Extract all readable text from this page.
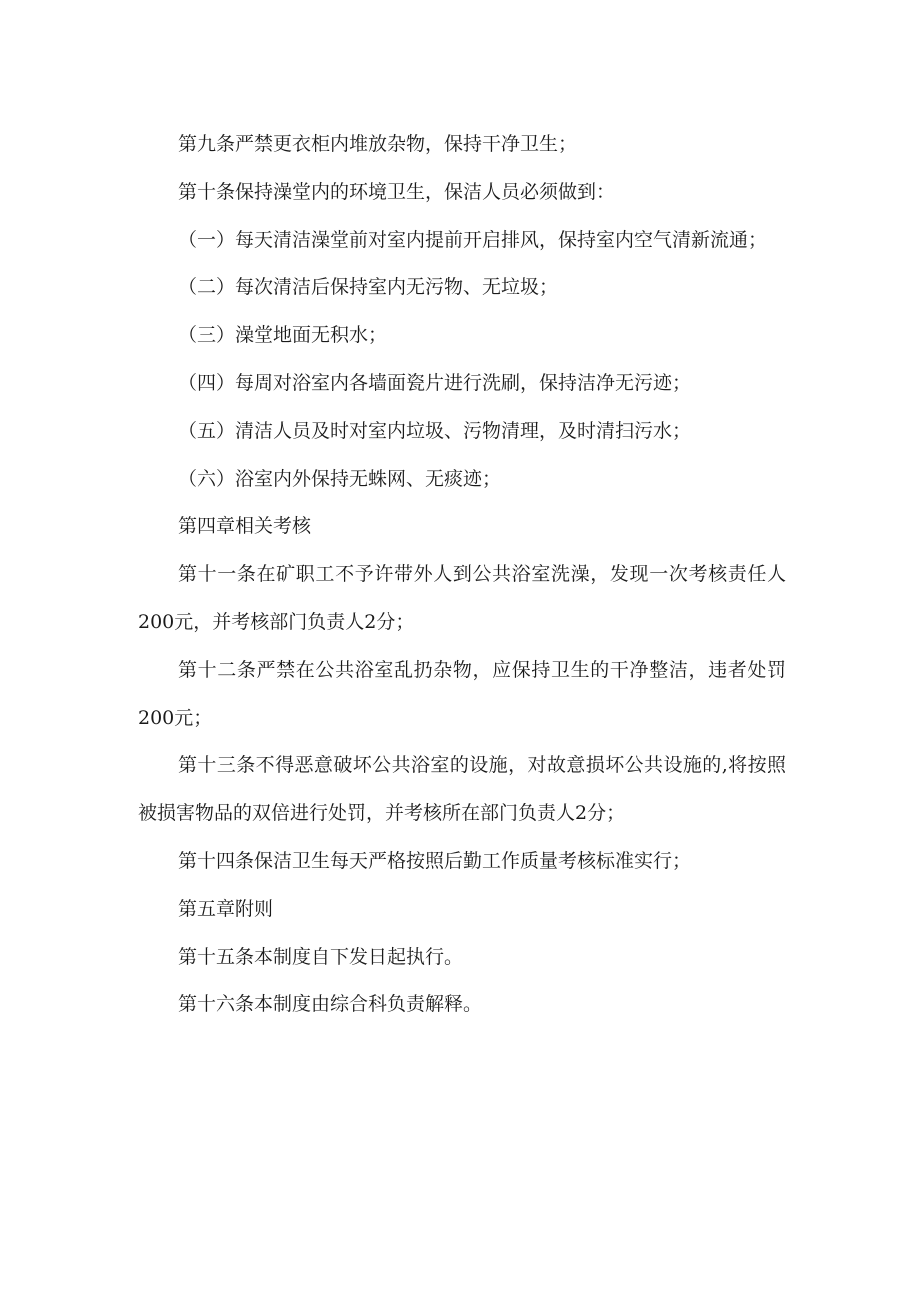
第九条严禁更衣柜内堆放杂物，保持干净卫生；

第十条保持澡堂内的环境卫生，保洁人员必须做到：

（一）每天清洁澡堂前对室内提前开启排风，保持室内空气清新流通；

（二）每次清洁后保持室内无污物、无垃圾；

（三）澡堂地面无积水；

（四）每周对浴室内各墙面瓷片进行洗刷，保持洁净无污迹；

（五）清洁人员及时对室内垃圾、污物清理，及时清扫污水；

（六）浴室内外保持无蛛网、无痰迹；

第四章相关考核

第十一条在矿职工不予许带外人到公共浴室洗澡，发现一次考核责任人200元，并考核部门负责人2分；

第十二条严禁在公共浴室乱扔杂物，应保持卫生的干净整洁，违者处罚200元；

第十三条不得恶意破坏公共浴室的设施，对故意损坏公共设施的,将按照被损害物品的双倍进行处罚，并考核所在部门负责人2分；

第十四条保洁卫生每天严格按照后勤工作质量考核标准实行；

第五章附则

第十五条本制度自下发日起执行。

第十六条本制度由综合科负责解释。
